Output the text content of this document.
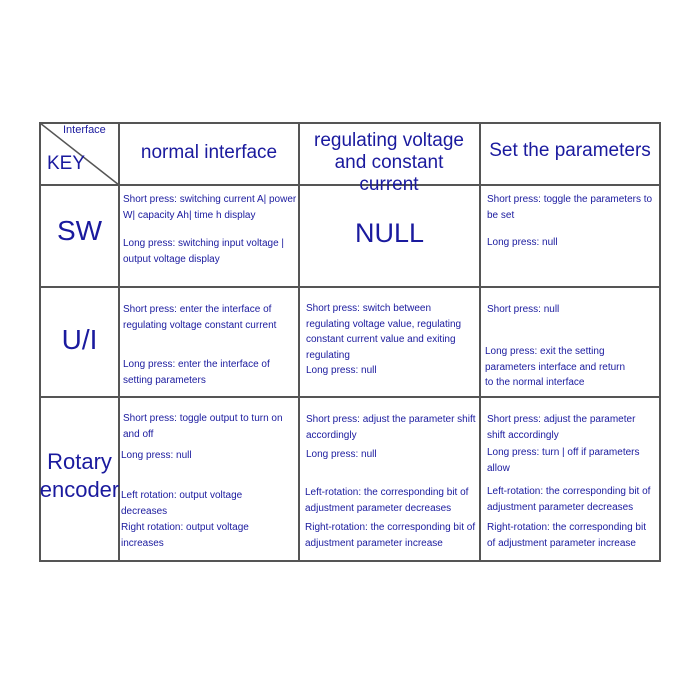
Interface
KEY
normal interface
regulating voltage and constant current
Set the parameters
SW
Short press: switching current A| power W| capacity Ah| time h display
Long press: switching input voltage | output voltage display
NULL
Short press: toggle the parameters to be set
Long press: null
U/I
Short press: enter the interface of regulating voltage constant current
Long press: enter the interface of setting parameters
Short press: switch between regulating voltage value, regulating constant current value and exiting regulating
Long press: null
Short press: null
Long press: exit the setting parameters interface and return to the normal interface
Rotary
encoder
Short press: toggle output to turn on and off
Long press: null
Left rotation: output voltage decreases
Right rotation: output voltage increases
Short press: adjust the parameter shift accordingly
Long press: null
Left-rotation: the corresponding bit of adjustment parameter decreases
Right-rotation: the corresponding bit of adjustment parameter increase
Short press: adjust the parameter shift accordingly
Long press: turn | off if parameters allow
Left-rotation: the corresponding bit of adjustment parameter decreases
Right-rotation: the corresponding bit of adjustment parameter increase
